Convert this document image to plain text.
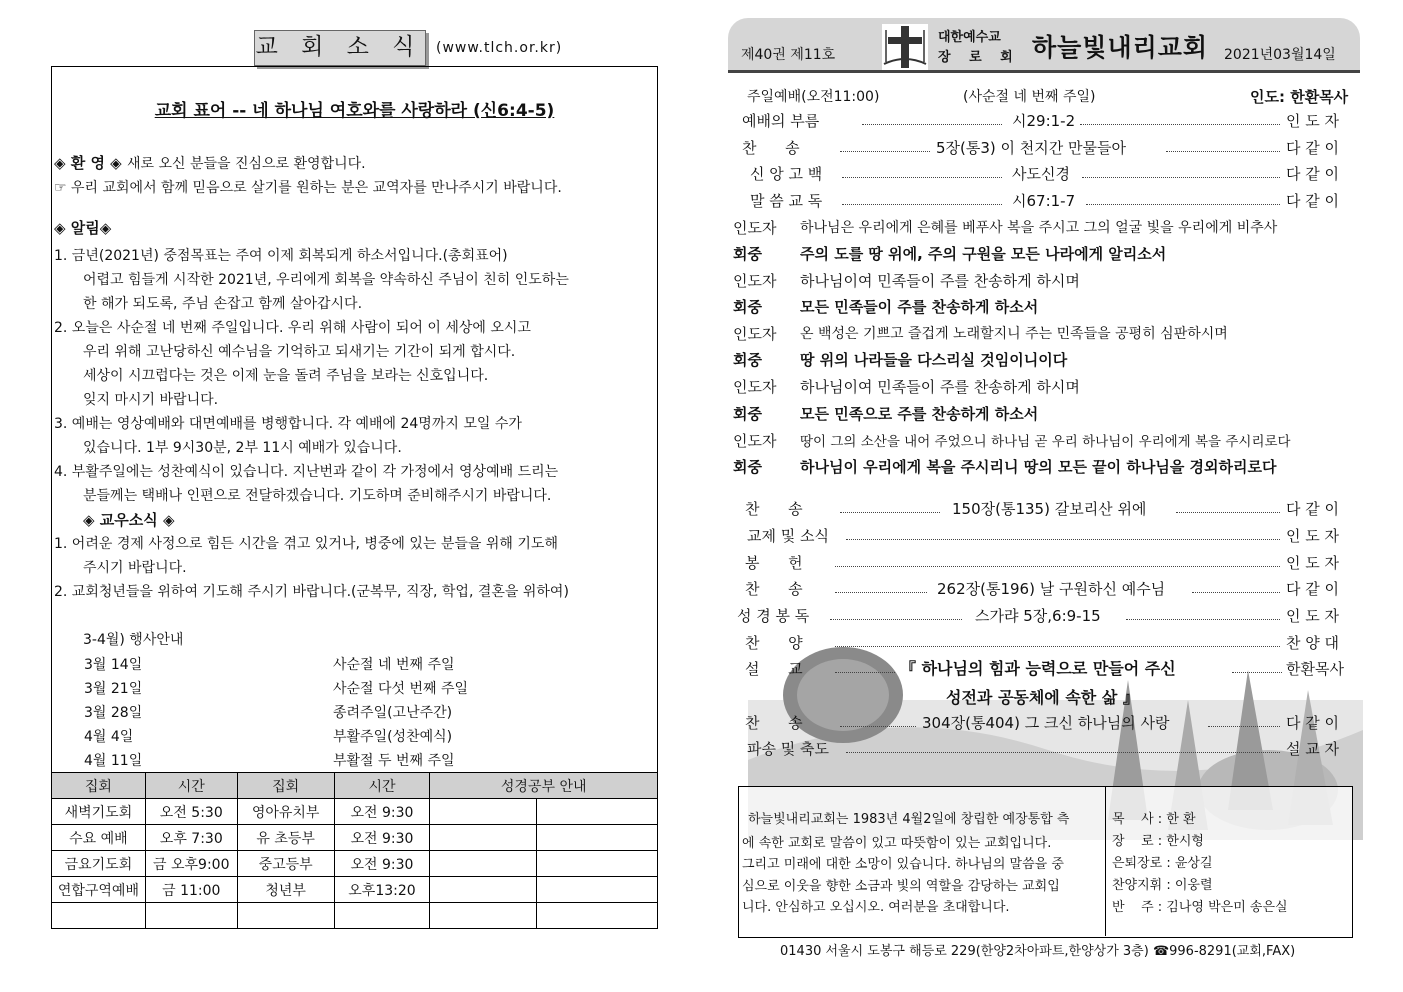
교 회 소 식 (www.tlch.or.kr)
교회 표어 -- 네 하나님 여호와를 사랑하라 (신6:4-5)
◈ 환 영 ◈ 새로 오신 분들을 진심으로 환영합니다.
☞ 우리 교회에서 함께 믿음으로 살기를 원하는 분은 교역자를 만나주시기 바랍니다.
◈ 알림◈
1. 금년(2021년) 중점목표는 주여 이제 회복되게 하소서입니다.(총회표어)
어렵고 힘들게 시작한 2021년, 우리에게 회복을 약속하신 주님이 친히 인도하는
한 해가 되도록, 주님 손잡고 함께 살아갑시다.
2. 오늘은 사순절 네 번째 주일입니다. 우리 위해 사람이 되어 이 세상에 오시고
우리 위해 고난당하신 예수님을 기억하고 되새기는 기간이 되게 합시다.
세상이 시끄럽다는 것은 이제 눈을 돌려 주님을 보라는 신호입니다.
잊지 마시기 바랍니다.
3. 예배는 영상예배와 대면예배를 병행합니다. 각 예배에 24명까지 모일 수가
있습니다. 1부 9시30분, 2부 11시 예배가 있습니다.
4. 부활주일에는 성찬예식이 있습니다. 지난번과 같이 각 가정에서 영상예배 드리는
분들께는 택배나 인편으로 전달하겠습니다. 기도하며 준비해주시기 바랍니다.
◈ 교우소식 ◈
1. 어려운 경제 사정으로 힘든 시간을 겪고 있거나, 병중에 있는 분들을 위해 기도해
주시기 바랍니다.
2. 교회청년들을 위하여 기도해 주시기 바랍니다.(군복무, 직장, 학업, 결혼을 위하여)
3-4월) 행사안내
3월 14일	사순절 네 번째 주일
3월 21일	사순절 다섯 번째 주일
3월 28일	종려주일(고난주간)
4월 4일	부활주일(성찬예식)
4월 11일	부활절 두 번째 주일
집회	시간	집회	시간	성경공부 안내	
새벽기도회	오전 5:30	영아유치부	오전 9:30		
수요 예배	오후 7:30	유 초등부	오전 9:30		
금요기도회	금 오후9:00	중고등부	오전 9:30		
연합구역예배	금 11:00	청년부	오후13:20		

제40권 제11호
대한예수교
장 로 회 하늘빛내리교회 2021년03월14일
주일예배(오전11:00)	(사순절 네 번째 주일)	인도: 한환목사
예배의 부름	시29:1-2	인 도 자
찬      송	5장(통3) 이 천지간 만물들아	다 같 이
신 앙 고 백	사도신경	다 같 이
말 씀 교 독	시67:1-7	다 같 이
인도자 하나님은 우리에게 은혜를 베푸사 복을 주시고 그의 얼굴 빛을 우리에게 비추사
회중	주의 도를 땅 위에, 주의 구원을 모든 나라에게 알리소서
인도자 하나님이여 민족들이 주를 찬송하게 하시며
회중	모든 민족들이 주를 찬송하게 하소서
인도자 온 백성은 기쁘고 즐겁게 노래할지니 주는 민족들을 공평히 심판하시며
회중	땅 위의 나라들을 다스리실 것임이니이다
인도자 하나님이여 민족들이 주를 찬송하게 하시며
회중	모든 민족으로 주를 찬송하게 하소서
인도자 땅이 그의 소산을 내어 주었으니 하나님 곧 우리 하나님이 우리에게 복을 주시리로다
회중	하나님이 우리에게 복을 주시리니 땅의 모든 끝이 하나님을 경외하리로다
찬      송	150장(통135) 갈보리산 위에	다 같 이
교제 및 소식	인 도 자
봉      헌	인 도 자
찬      송	262장(통196) 날 구원하신 예수님	다 같 이
성 경 봉 독	스가랴 5장,6:9-15	인 도 자
찬      양	찬 양 대
설      교	『 하나님의 힘과 능력으로 만들어 주신	한환목사
성전과 공동체에 속한 삶 』
찬      송	304장(통404) 그 크신 하나님의 사랑	다 같 이
파송 및 축도	설 교 자
하늘빛내리교회는 1983년 4월2일에 창립한 예장통합 측
에 속한 교회로 말씀이 있고 따뜻함이 있는 교회입니다.
그리고 미래에 대한 소망이 있습니다. 하나님의 말씀을 중
심으로 이웃을 향한 소금과 빛의 역할을 감당하는 교회입
니다. 안심하고 오십시오. 여러분을 초대합니다.
목    사 : 한 환
장    로 : 한시형
은퇴장로 : 윤상길
찬양지휘 : 이웅렬
반    주 : 김나영 박은미 송은실
01430 서울시 도봉구 해등로 229(한양2차아파트,한양상가 3층) ☎996-8291(교회,FAX)
